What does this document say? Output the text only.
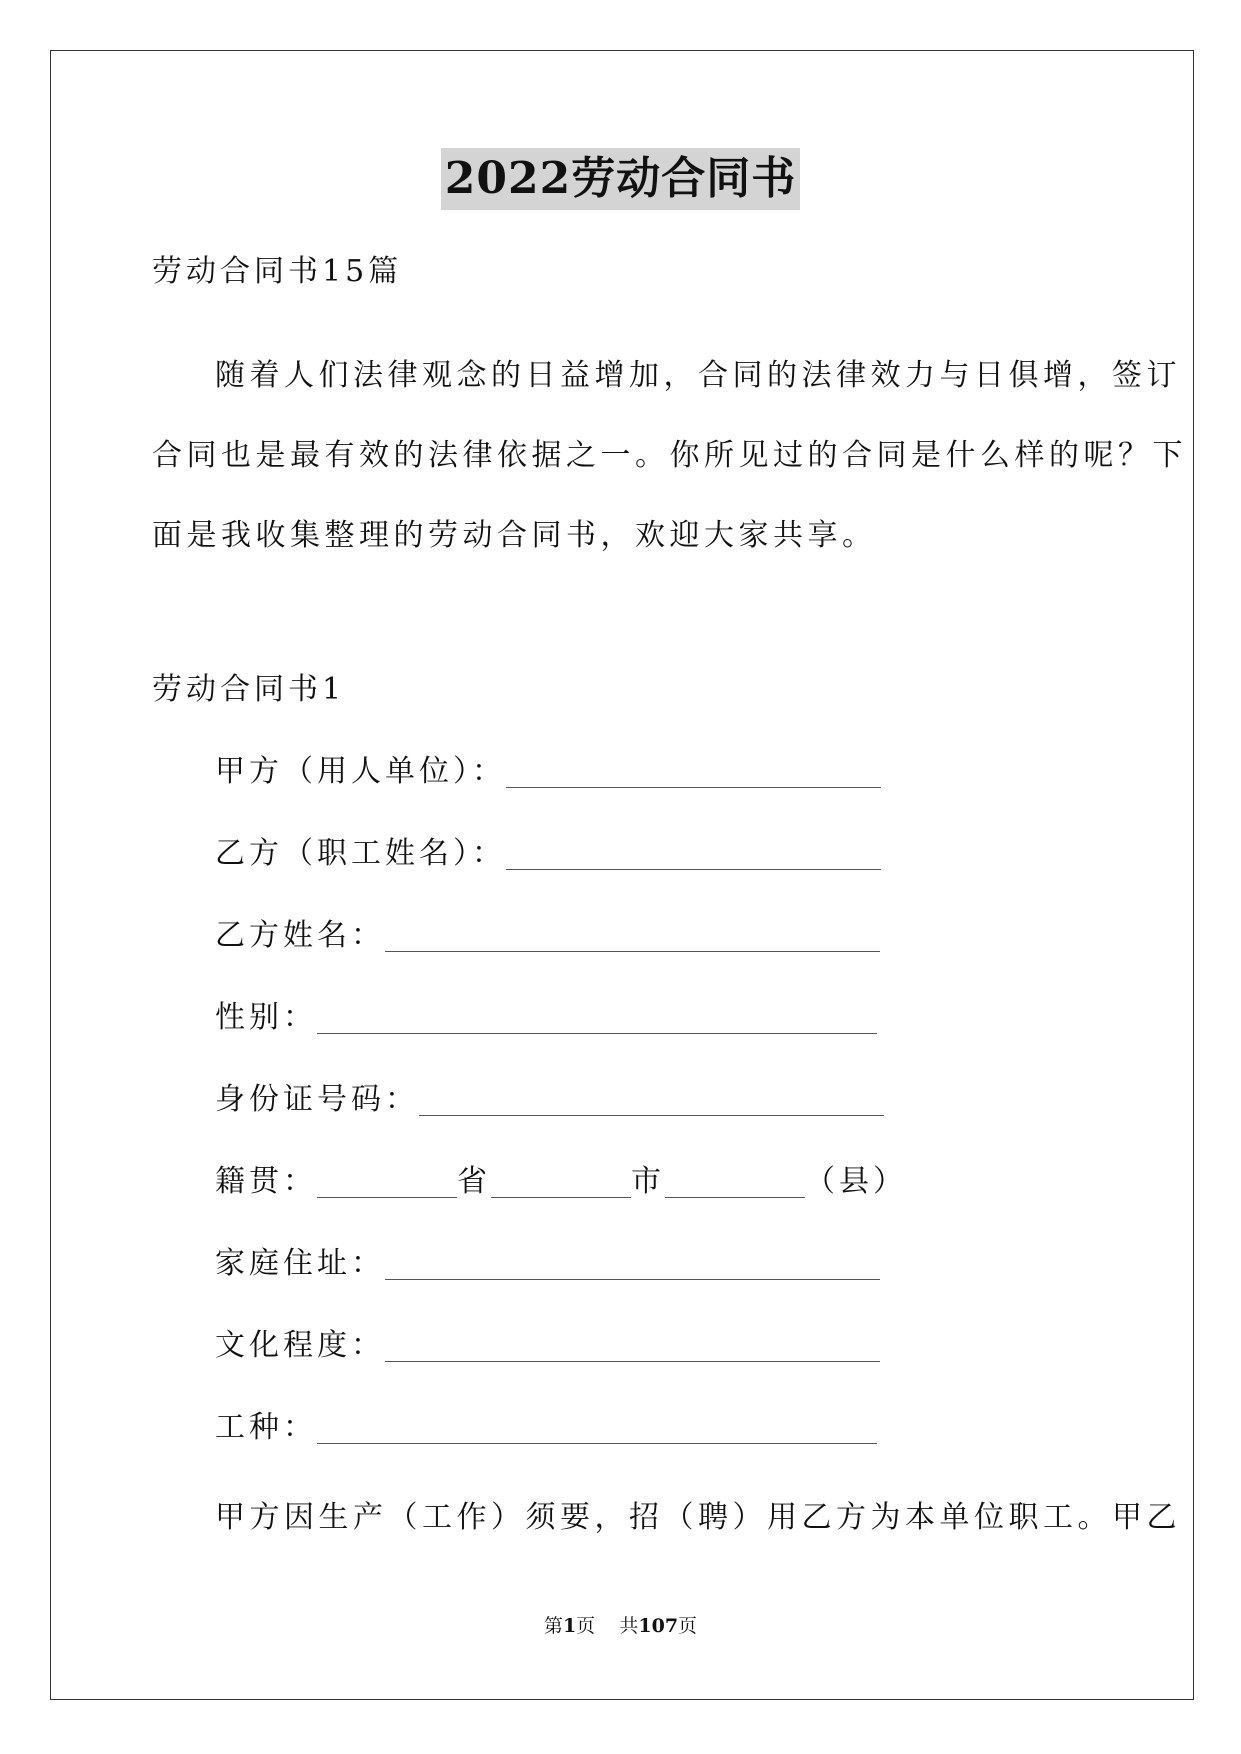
2022劳动合同书
劳动合同书15篇
随着人们法律观念的日益增加，合同的法律效力与日俱增，签订
合同也是最有效的法律依据之一。你所见过的合同是什么样的呢？下
面是我收集整理的劳动合同书，欢迎大家共享。
劳动合同书1
甲方（用人单位）：
乙方（职工姓名）：
乙方姓名：
性别：
身份证号码：
籍贯：	省	市	（县）
家庭住址：
文化程度：
工种：
甲方因生产（工作）须要，招（聘）用乙方为本单位职工。甲乙
第1页 共107页
